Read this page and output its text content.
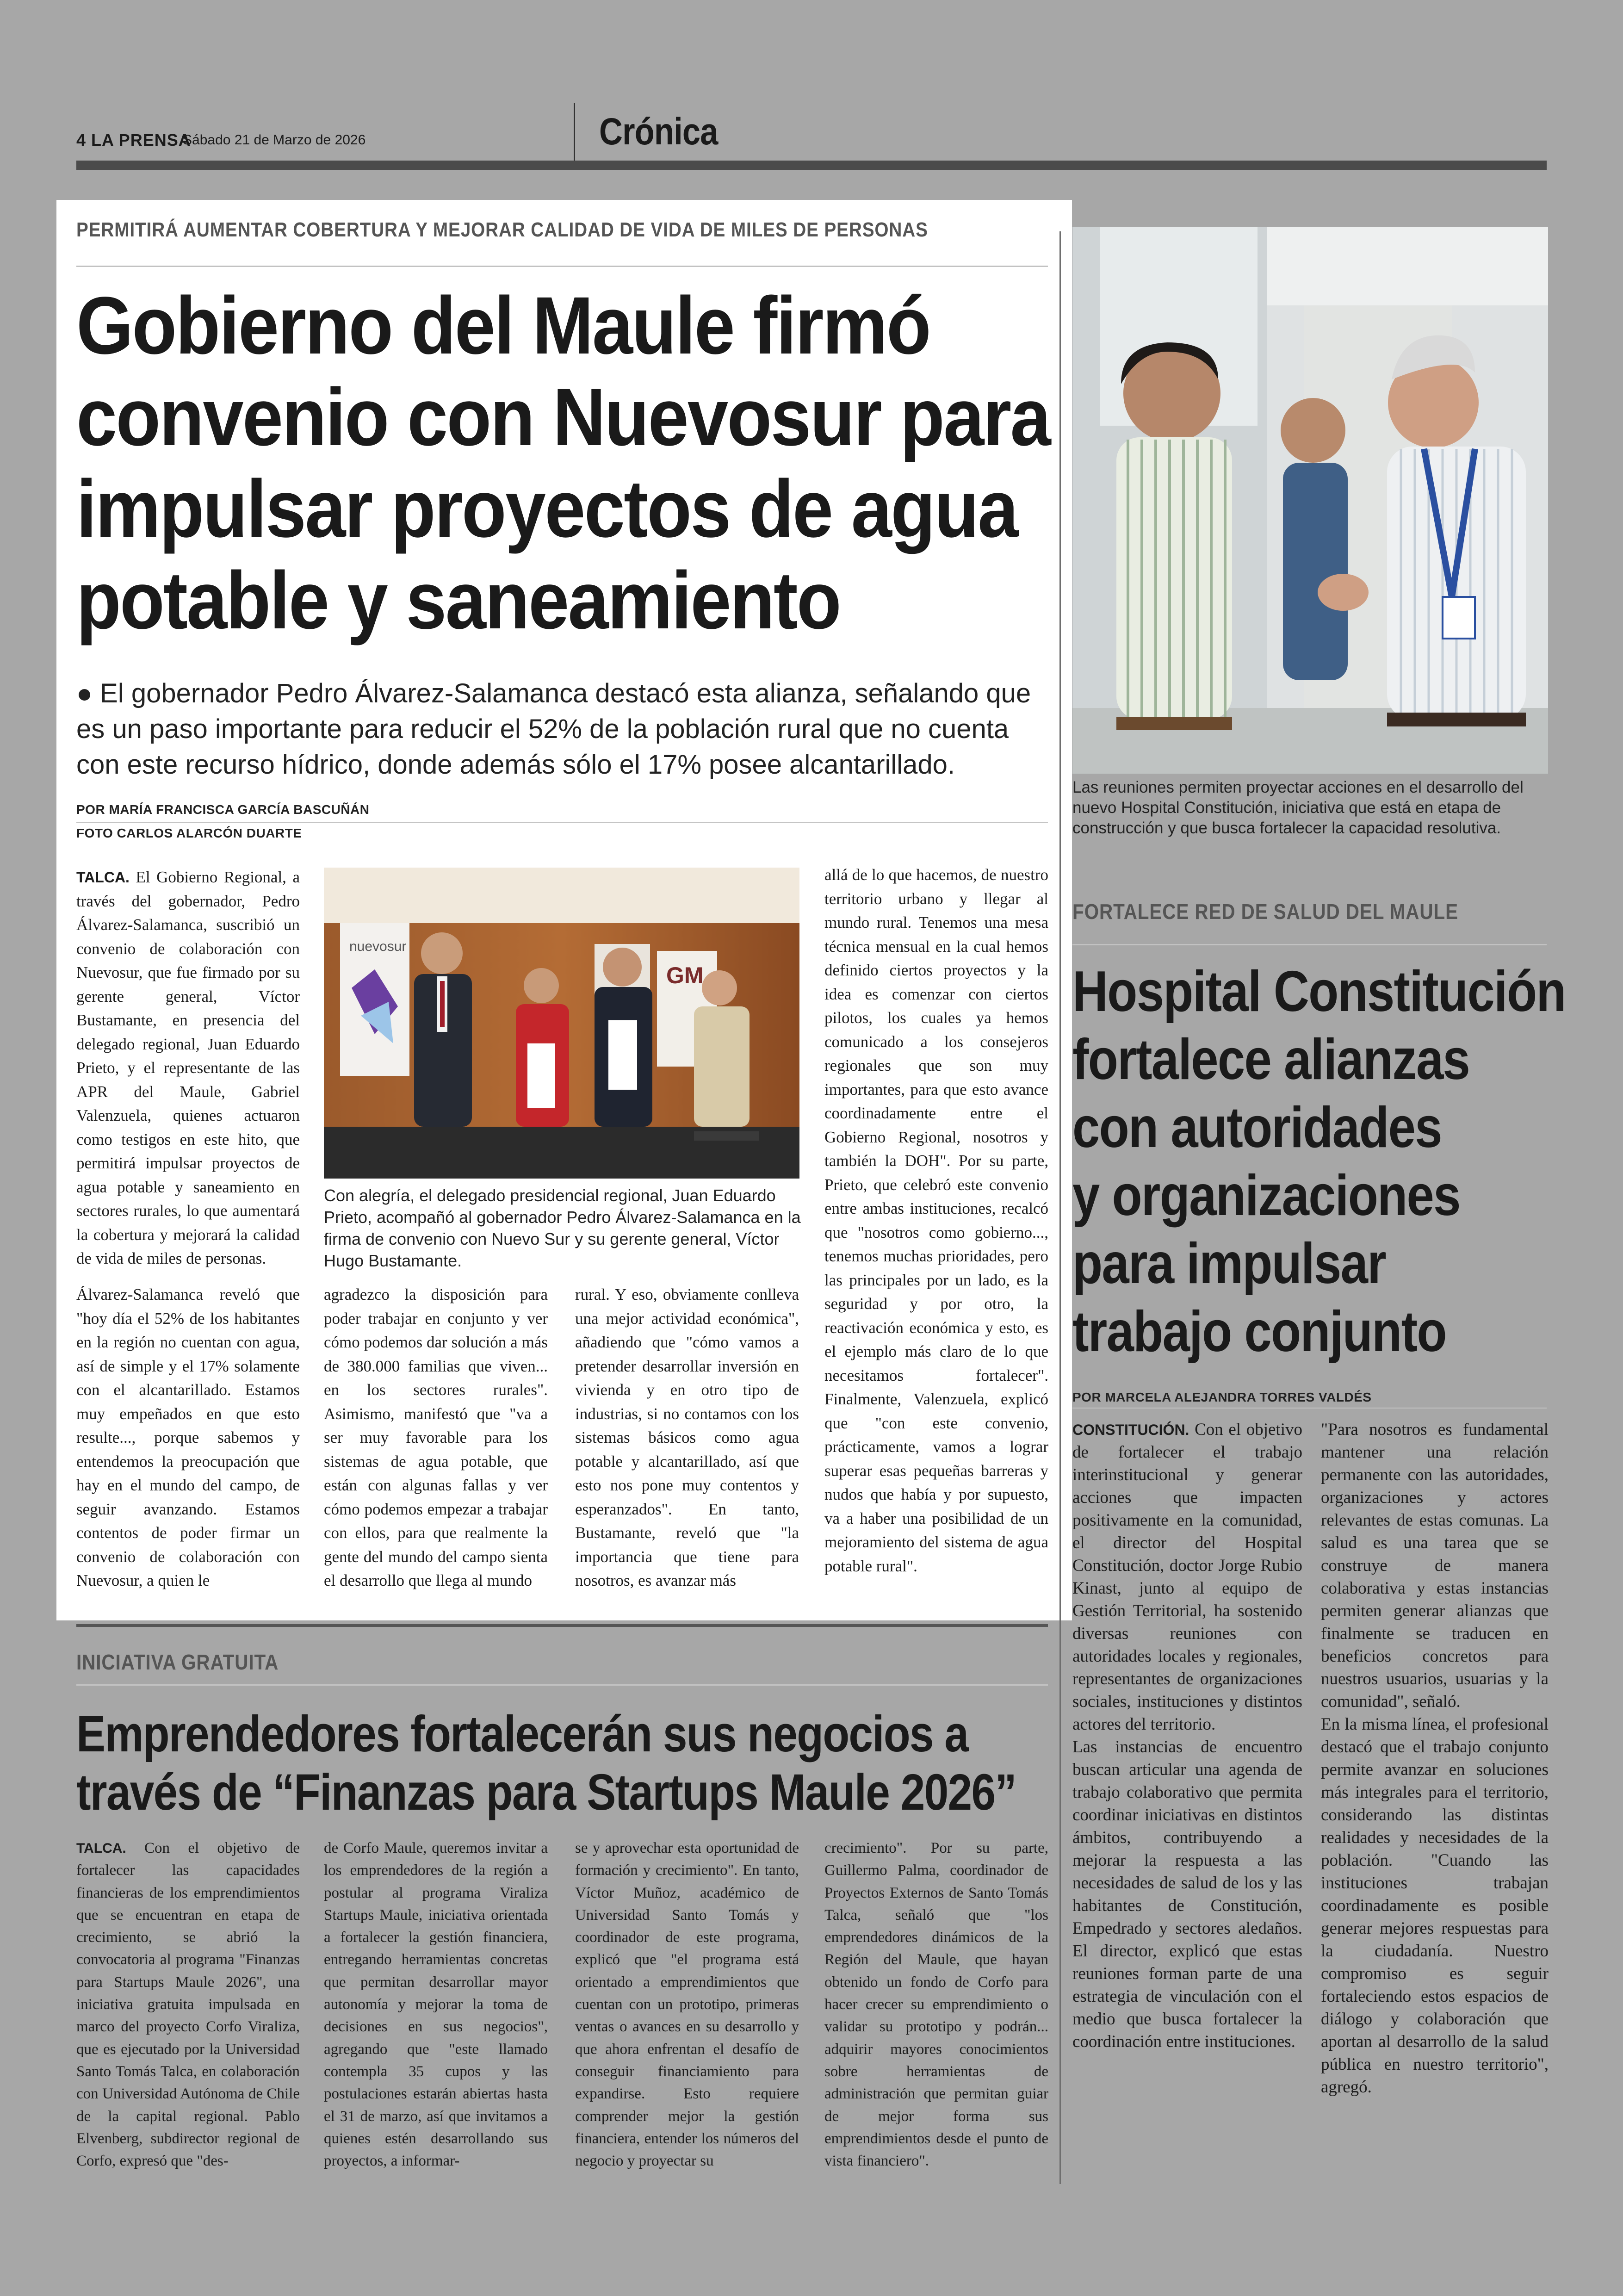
4 LA PRENSA
Sábado 21 de Marzo de 2026	Crónica
PERMITIRÁ AUMENTAR COBERTURA Y MEJORAR CALIDAD DE VIDA DE MILES DE PERSONAS
Gobierno del Maule firmó
convenio con Nuevosur para
impulsar proyectos de agua
potable y saneamiento
● El gobernador Pedro Álvarez-Salamanca destacó esta alianza, señalando que es un paso importante para reducir el 52% de la población rural que no cuenta con este recurso hídrico, donde además sólo el 17% posee alcantarillado.
POR MARÍA FRANCISCA GARCÍA BASCUÑÁN
FOTO CARLOS ALARCÓN DUARTE

TALCA. El Gobierno Regional, a través del gobernador, Pedro Álvarez-Salamanca, suscribió un convenio de colaboración con Nuevosur, que fue firmado por su gerente general, Víctor Bustamante, en presencia del delegado regional, Juan Eduardo Prieto, y el representante de las APR del Maule, Gabriel Valenzuela, quienes actuaron como testigos en este hito, que permitirá impulsar proyectos de agua potable y saneamiento en sectores rurales, lo que aumentará la cobertura y mejorará la calidad de vida de miles de personas.

nuevosur
GM
Con alegría, el delegado presidencial regional, Juan Eduardo Prieto, acompañó al gobernador Pedro Álvarez-Salamanca en la firma de convenio con Nuevo Sur y su gerente general, Víctor Hugo Bustamante.

Álvarez-Salamanca reveló que "hoy día el 52% de los habitantes en la región no cuentan con agua, así de simple y el 17% solamente con el alcantarillado. Estamos muy empeñados en que esto resulte..., porque sabemos y entendemos la preocupación que hay en el mundo del campo, de seguir avanzando. Estamos contentos de poder firmar un convenio de colaboración con Nuevosur, a quien le

agradezco la disposición para poder trabajar en conjunto y ver cómo podemos dar solución a más de 380.000 familias que viven... en los sectores rurales". Asimismo, manifestó que "va a ser muy favorable para los sistemas de agua potable, que están con algunas fallas y ver cómo podemos empezar a trabajar con ellos, para que realmente la gente del mundo del campo sienta el desarrollo que llega al mundo

rural. Y eso, obviamente conlleva una mejor actividad económica", añadiendo que "cómo vamos a pretender desarrollar inversión en vivienda y en otro tipo de industrias, si no contamos con los sistemas básicos como agua potable y alcantarillado, así que esto nos pone muy contentos y esperanzados". En tanto, Bustamante, reveló que "la importancia que tiene para nosotros, es avanzar más

allá de lo que hacemos, de nuestro territorio urbano y llegar al mundo rural. Tenemos una mesa técnica mensual en la cual hemos definido ciertos proyectos y la idea es comenzar con ciertos pilotos, los cuales ya hemos comunicado a los consejeros regionales que son muy importantes, para que esto avance coordinadamente entre el Gobierno Regional, nosotros y también la DOH". Por su parte, Prieto, que celebró este convenio entre ambas instituciones, recalcó que "nosotros como gobierno..., tenemos muchas prioridades, pero las principales por un lado, es la seguridad y por otro, la reactivación económica y esto, es el ejemplo más claro de lo que necesitamos fortalecer". Finalmente, Valenzuela, explicó que "con este convenio, prácticamente, vamos a lograr superar esas pequeñas barreras y nudos que había y por supuesto, va a haber una posibilidad de un mejoramiento del sistema de agua potable rural".

Las reuniones permiten proyectar acciones en el desarrollo del nuevo Hospital Constitución, iniciativa que está en etapa de construcción y que busca fortalecer la capacidad resolutiva.
FORTALECE RED DE SALUD DEL MAULE
Hospital Constitución
fortalece alianzas
con autoridades
y organizaciones
para impulsar
trabajo conjunto
POR MARCELA ALEJANDRA TORRES VALDÉS

CONSTITUCIÓN. Con el objetivo de fortalecer el trabajo interinstitucional y generar acciones que impacten positivamente en la comunidad, el director del Hospital Constitución, doctor Jorge Rubio Kinast, junto al equipo de Gestión Territorial, ha sostenido diversas reuniones con autoridades locales y regionales, representantes de organizaciones sociales, instituciones y distintos actores del territorio.

Las instancias de encuentro buscan articular una agenda de trabajo colaborativo que permita coordinar iniciativas en distintos ámbitos, contribuyendo a mejorar la respuesta a las necesidades de salud de los y las habitantes de Constitución, Empedrado y sectores aledaños. El director, explicó que estas reuniones forman parte de una estrategia de vinculación con el medio que busca fortalecer la coordinación entre instituciones.

"Para nosotros es fundamental mantener una relación permanente con las autoridades, organizaciones y actores relevantes de estas comunas. La salud es una tarea que se construye de manera colaborativa y estas instancias permiten generar alianzas que finalmente se traducen en beneficios concretos para nuestros usuarios, usuarias y la comunidad", señaló.

En la misma línea, el profesional destacó que el trabajo conjunto permite avanzar en soluciones más integrales para el territorio, considerando las distintas realidades y necesidades de la población. "Cuando las instituciones trabajan coordinadamente es posible generar mejores respuestas para la ciudadanía. Nuestro compromiso es seguir fortaleciendo estos espacios de diálogo y colaboración que aportan al desarrollo de la salud pública en nuestro territorio", agregó.

INICIATIVA GRATUITA
Emprendedores fortalecerán sus negocios a
través de “Finanzas para Startups Maule 2026”

TALCA. Con el objetivo de fortalecer las capacidades financieras de los emprendimientos que se encuentran en etapa de crecimiento, se abrió la convocatoria al programa "Finanzas para Startups Maule 2026", una iniciativa gratuita impulsada en marco del proyecto Corfo Viraliza, que es ejecutado por la Universidad Santo Tomás Talca, en colaboración con Universidad Autónoma de Chile de la capital regional. Pablo Elvenberg, subdirector regional de Corfo, expresó que "des-

de Corfo Maule, queremos invitar a los emprendedores de la región a postular al programa Viraliza Startups Maule, iniciativa orientada a fortalecer la gestión financiera, entregando herramientas concretas que permitan desarrollar mayor autonomía y mejorar la toma de decisiones en sus negocios", agregando que "este llamado contempla 35 cupos y las postulaciones estarán abiertas hasta el 31 de marzo, así que invitamos a quienes estén desarrollando sus proyectos, a informar-

se y aprovechar esta oportunidad de formación y crecimiento". En tanto, Víctor Muñoz, académico de Universidad Santo Tomás y coordinador de este programa, explicó que "el programa está orientado a emprendimientos que cuentan con un prototipo, primeras ventas o avances en su desarrollo y que ahora enfrentan el desafío de conseguir financiamiento para expandirse. Esto requiere comprender mejor la gestión financiera, entender los números del negocio y proyectar su

crecimiento". Por su parte, Guillermo Palma, coordinador de Proyectos Externos de Santo Tomás Talca, señaló que "los emprendedores dinámicos de la Región del Maule, que hayan obtenido un fondo de Corfo para hacer crecer su emprendimiento o validar su prototipo y podrán... adquirir mayores conocimientos sobre herramientas de administración que permitan guiar de mejor forma sus emprendimientos desde el punto de vista financiero".
